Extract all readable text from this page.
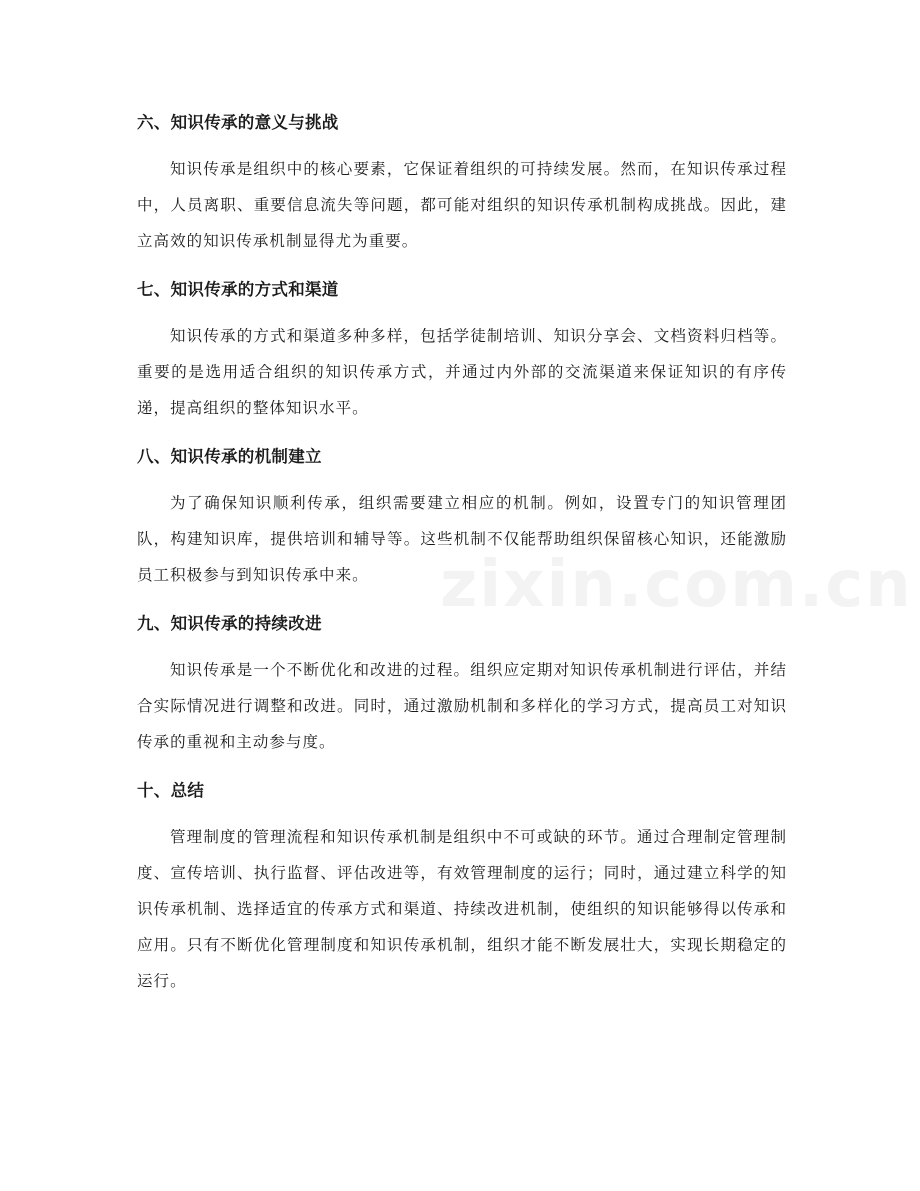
六、知识传承的意义与挑战

知识传承是组织中的核心要素，它保证着组织的可持续发展。然而，在知识传承过程中，人员离职、重要信息流失等问题，都可能对组织的知识传承机制构成挑战。因此，建立高效的知识传承机制显得尤为重要。

七、知识传承的方式和渠道

知识传承的方式和渠道多种多样，包括学徒制培训、知识分享会、文档资料归档等。重要的是选用适合组织的知识传承方式，并通过内外部的交流渠道来保证知识的有序传递，提高组织的整体知识水平。

八、知识传承的机制建立

为了确保知识顺利传承，组织需要建立相应的机制。例如，设置专门的知识管理团队，构建知识库，提供培训和辅导等。这些机制不仅能帮助组织保留核心知识，还能激励员工积极参与到知识传承中来。

九、知识传承的持续改进

知识传承是一个不断优化和改进的过程。组织应定期对知识传承机制进行评估，并结合实际情况进行调整和改进。同时，通过激励机制和多样化的学习方式，提高员工对知识传承的重视和主动参与度。

十、总结

管理制度的管理流程和知识传承机制是组织中不可或缺的环节。通过合理制定管理制度、宣传培训、执行监督、评估改进等，有效管理制度的运行；同时，通过建立科学的知识传承机制、选择适宜的传承方式和渠道、持续改进机制，使组织的知识能够得以传承和应用。只有不断优化管理制度和知识传承机制，组织才能不断发展壮大，实现长期稳定的运行。

zixin.com.cn
